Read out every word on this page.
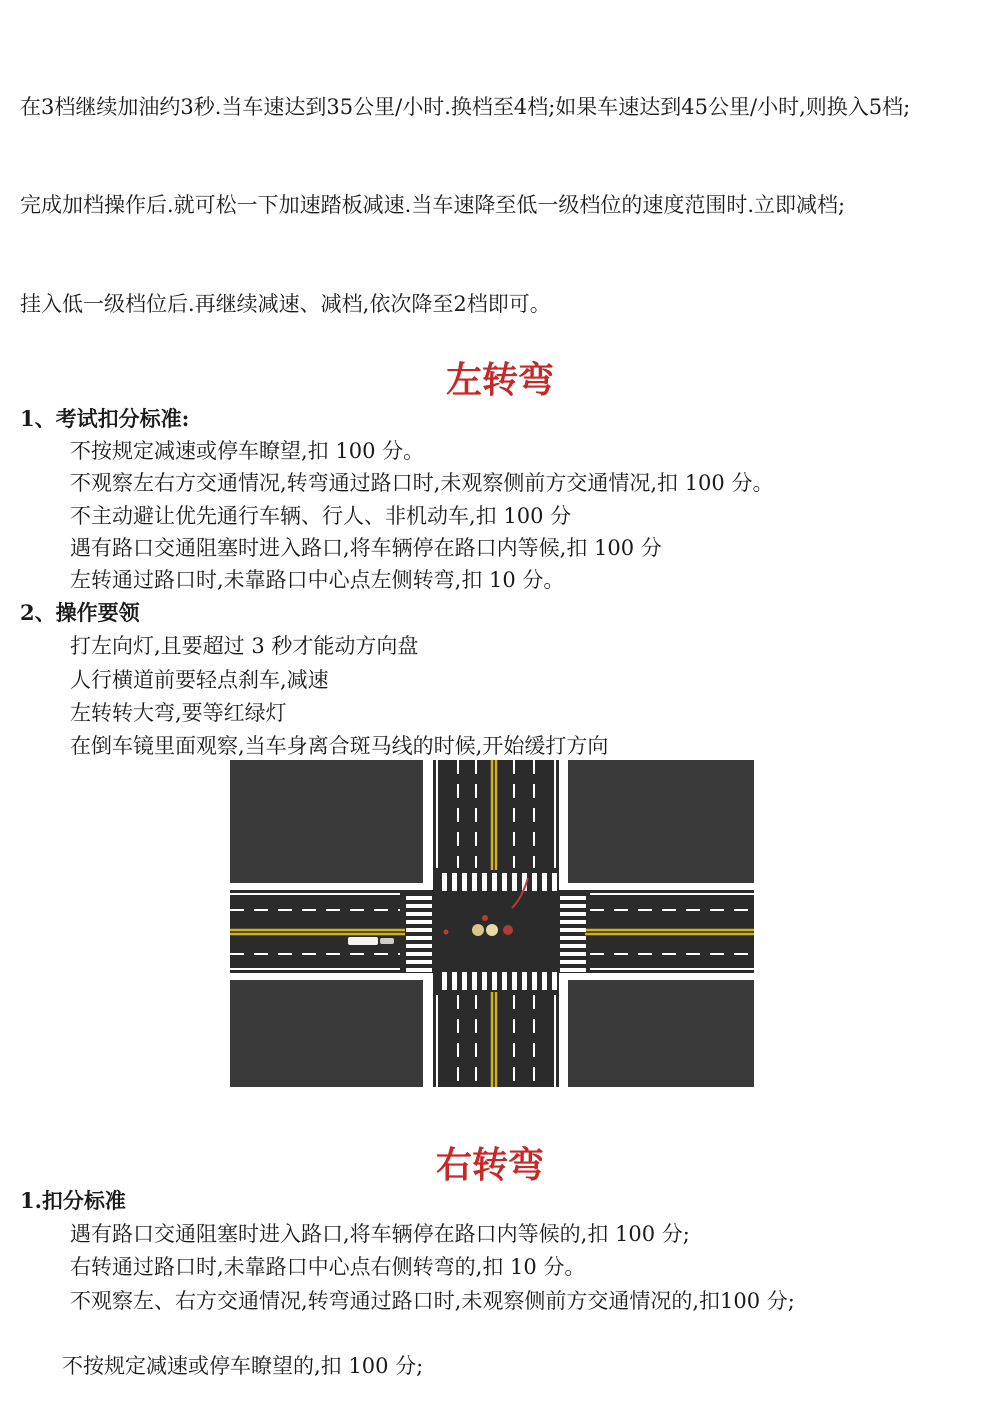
在3档继续加油约3秒.当车速达到35公里/小时.换档至4档;如果车速达到45公里/小时,则换入5档;

完成加档操作后.就可松一下加速踏板减速.当车速降至低一级档位的速度范围时.立即减档;

挂入低一级档位后.再继续减速、减档,依次降至2档即可。

左转弯

1、考试扣分标准:

不按规定减速或停车瞭望,扣 100 分。

不观察左右方交通情况,转弯通过路口时,未观察侧前方交通情况,扣 100 分。

不主动避让优先通行车辆、行人、非机动车,扣 100 分

遇有路口交通阻塞时进入路口,将车辆停在路口内等候,扣 100 分

左转通过路口时,未靠路口中心点左侧转弯,扣 10 分。

2、操作要领

打左向灯,且要超过 3 秒才能动方向盘

人行横道前要轻点刹车,减速

左转转大弯,要等红绿灯

在倒车镜里面观察,当车身离合斑马线的时候,开始缓打方向

右转弯

1.扣分标准

遇有路口交通阻塞时进入路口,将车辆停在路口内等候的,扣 100 分;

右转通过路口时,未靠路口中心点右侧转弯的,扣 10 分。

不观察左、右方交通情况,转弯通过路口时,未观察侧前方交通情况的,扣100 分;

不按规定减速或停车瞭望的,扣 100 分;
